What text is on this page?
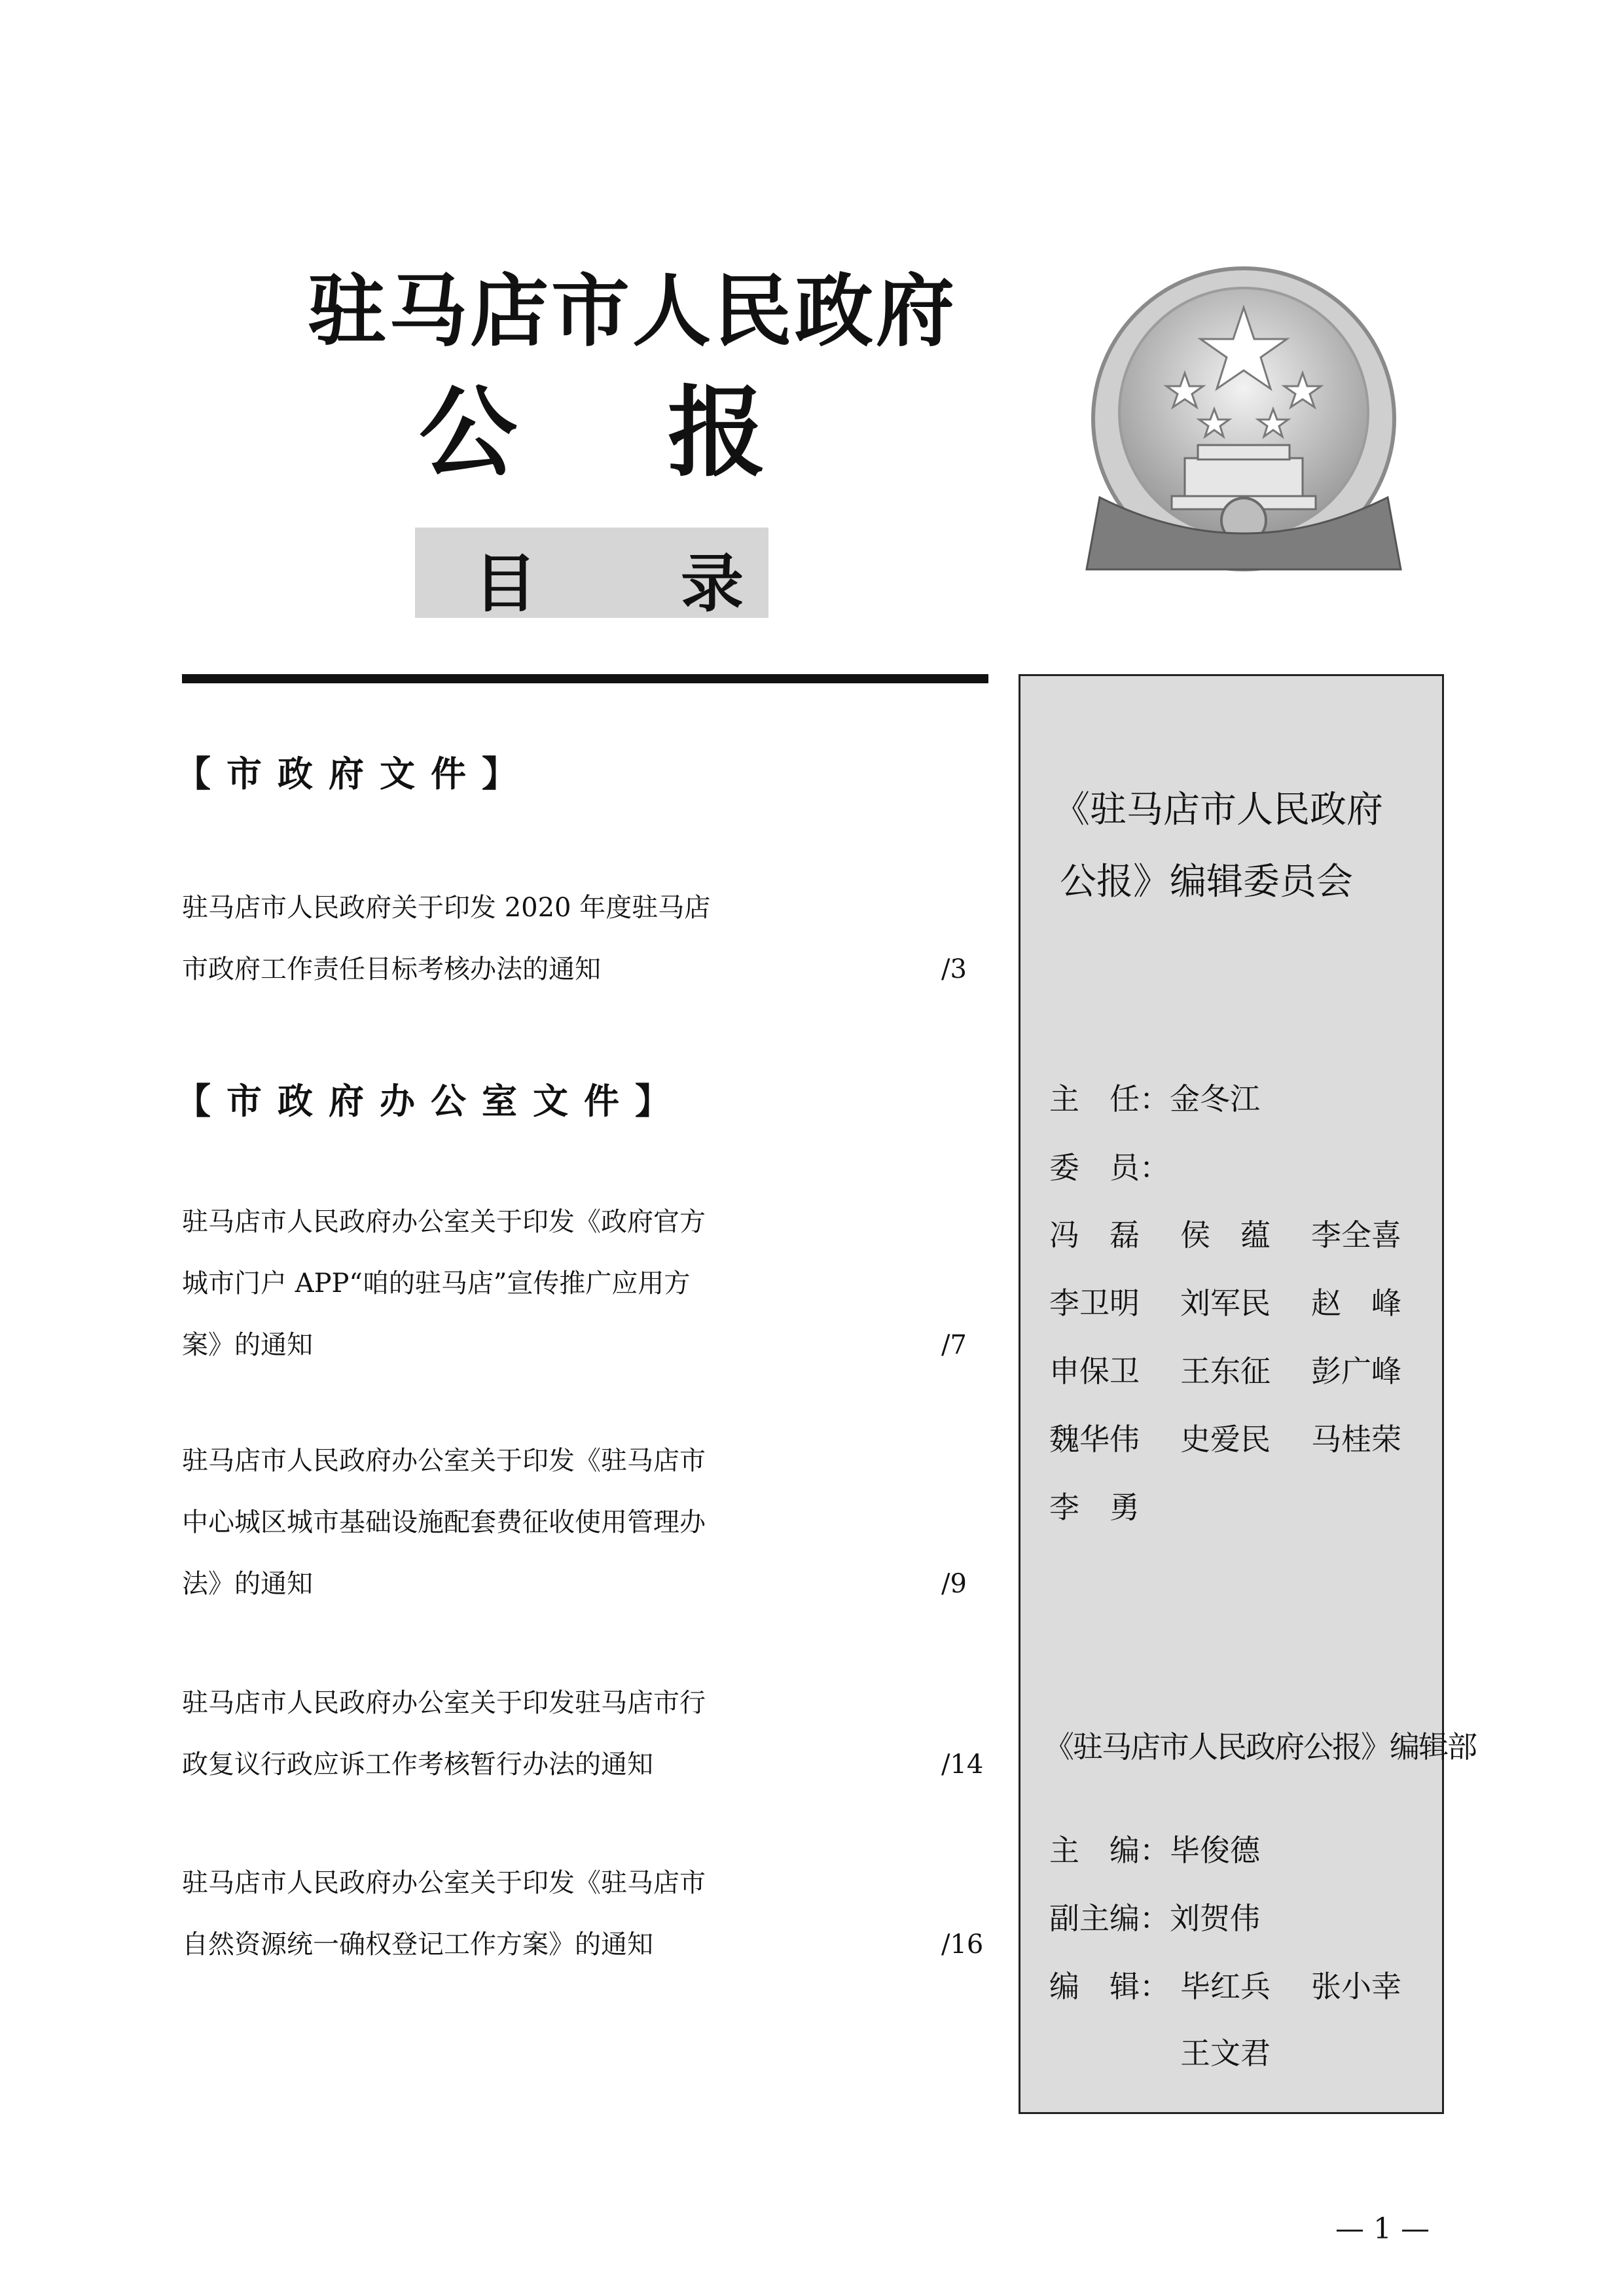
驻马店市人民政府
公报
目录
【市政府文件】
驻马店市人民政府关于印发 2020 年度驻马店
市政府工作责任目标考核办法的通知	/3
【市政府办公室文件】
驻马店市人民政府办公室关于印发《政府官方
城市门户 APP“咱的驻马店”宣传推广应用方
案》的通知	/7
驻马店市人民政府办公室关于印发《驻马店市
中心城区城市基础设施配套费征收使用管理办
法》的通知	/9
驻马店市人民政府办公室关于印发驻马店市行
政复议行政应诉工作考核暂行办法的通知	/14
驻马店市人民政府办公室关于印发《驻马店市
自然资源统一确权登记工作方案》的通知	/16
《驻马店市人民政府
公报》编辑委员会
主　任：金冬江
委　员：
冯　磊 侯　蕴 李全喜
李卫明 刘军民 赵　峰
申保卫 王东征 彭广峰
魏华伟 史爱民 马桂荣
李　勇
《驻马店市人民政府公报》编辑部
主　编：毕俊德
副主编：刘贺伟
编　辑： 毕红兵 张小幸
王文君
— 1 —
